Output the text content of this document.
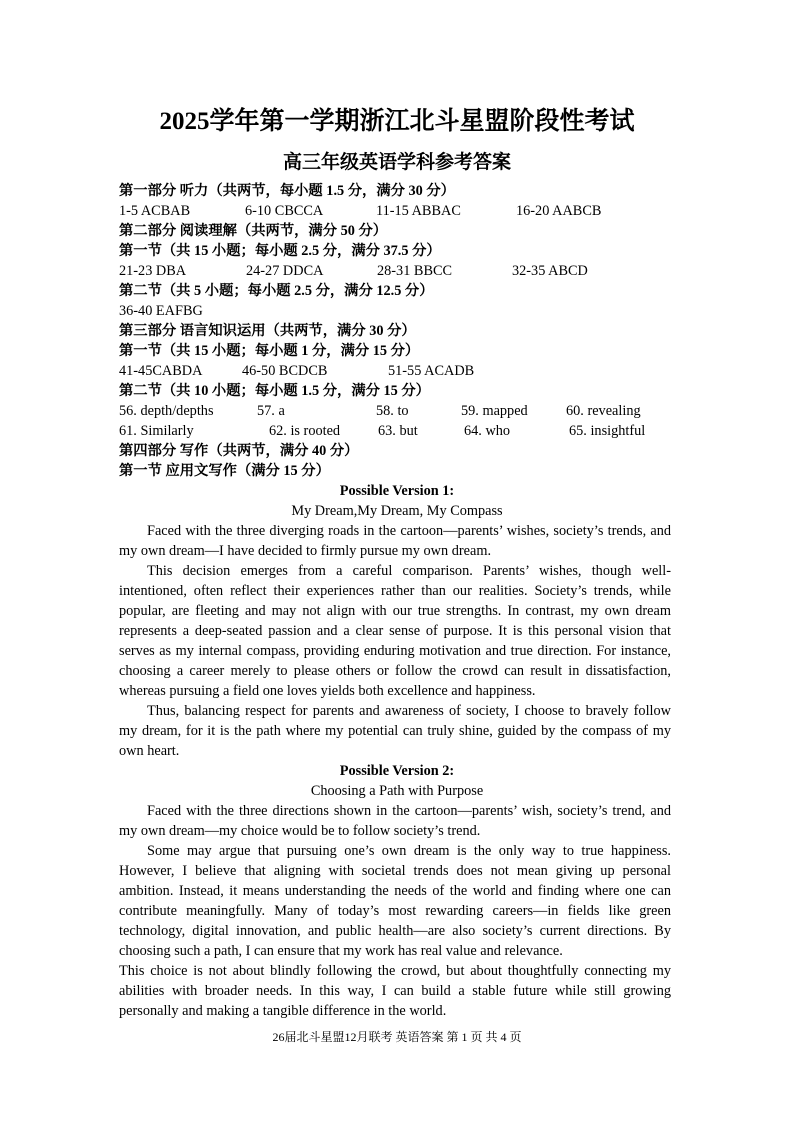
2025学年第一学期浙江北斗星盟阶段性考试
高三年级英语学科参考答案
第一部分 听力（共两节，每小题 1.5 分，满分 30 分）
1-5 ACBAB	6-10 CBCCA	11-15 ABBAC	16-20 AABCB
第二部分 阅读理解（共两节，满分 50 分）
第一节（共 15 小题；每小题 2.5 分，满分 37.5 分）
21-23 DBA	24-27 DDCA	28-31 BBCC	32-35 ABCD
第二节（共 5 小题；每小题 2.5 分，满分 12.5 分）
36-40 EAFBG
第三部分 语言知识运用（共两节，满分 30 分）
第一节（共 15 小题；每小题 1 分，满分 15 分）
41-45CABDA	46-50 BCDCB	51-55 ACADB
第二节（共 10 小题；每小题 1.5 分，满分 15 分）
56. depth/depths	57. a	58. to	59. mapped	60. revealing
61. Similarly	62. is rooted	63. but	64. who	65. insightful
第四部分 写作（共两节，满分 40 分）
第一节 应用文写作（满分 15 分）
Possible Version 1:
My Dream,My Dream, My Compass

Faced with the three diverging roads in the cartoon—parents’ wishes, society’s trends, and my own dream—I have decided to firmly pursue my own dream.

This decision emerges from a careful comparison. Parents’ wishes, though well-intentioned, often reflect their experiences rather than our realities. Society’s trends, while popular, are fleeting and may not align with our true strengths. In contrast, my own dream represents a deep-seated passion and a clear sense of purpose. It is this personal vision that serves as my internal compass, providing enduring motivation and true direction. For instance, choosing a career merely to please others or follow the crowd can result in dissatisfaction, whereas pursuing a field one loves yields both excellence and happiness.

Thus, balancing respect for parents and awareness of society, I choose to bravely follow my dream, for it is the path where my potential can truly shine, guided by the compass of my own heart.

Possible Version 2:
Choosing a Path with Purpose

Faced with the three directions shown in the cartoon—parents’ wish, society’s trend, and my own dream—my choice would be to follow society’s trend.

Some may argue that pursuing one’s own dream is the only way to true happiness. However, I believe that aligning with societal trends does not mean giving up personal ambition. Instead, it means understanding the needs of the world and finding where one can contribute meaningfully. Many of today’s most rewarding careers—in fields like green technology, digital innovation, and public health—are also society’s current directions. By choosing such a path, I can ensure that my work has real value and relevance.

This choice is not about blindly following the crowd, but about thoughtfully connecting my abilities with broader needs. In this way, I can build a stable future while still growing personally and making a tangible difference in the world.

26届北斗星盟12月联考 英语答案 第 1 页 共 4 页
